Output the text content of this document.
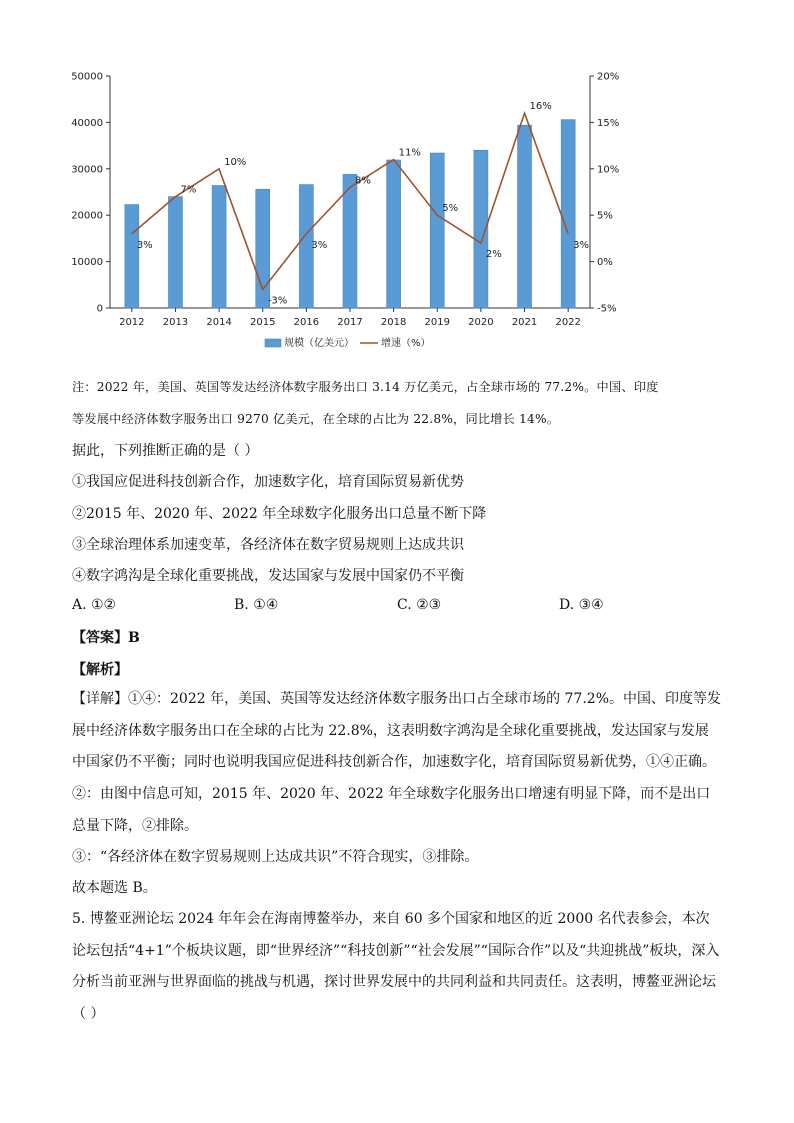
0
10000
20000
30000
40000
50000
-5%
0%
5%
10%
15%
20%
2012 2013 2014 2015 2016 2017 2018 2019 2020 2021 2022
3%
7%
10%
-3%
3%
8%
11%
5%
2%
16%
3%
规模（亿美元）	增速（%）
注：2022 年，美国、英国等发达经济体数字服务出口 3.14 万亿美元，占全球市场的 77.2%。中国、印度
等发展中经济体数字服务出口 9270 亿美元，在全球的占比为 22.8%，同比增长 14%。
据此，下列推断正确的是（ ）
①我国应促进科技创新合作，加速数字化，培育国际贸易新优势
②2015 年、2020 年、2022 年全球数字化服务出口总量不断下降
③全球治理体系加速变革，各经济体在数字贸易规则上达成共识
④数字鸿沟是全球化重要挑战，发达国家与发展中国家仍不平衡
A. ①②	B. ①④	C. ②③	D. ③④
【答案】B
【解析】
【详解】①④：2022 年，美国、英国等发达经济体数字服务出口占全球市场的 77.2%。中国、印度等发展中经济体数字服务出口在全球的占比为 22.8%，这表明数字鸿沟是全球化重要挑战，发达国家与发展中国家仍不平衡；同时也说明我国应促进科技创新合作，加速数字化，培育国际贸易新优势，①④正确。
②：由图中信息可知，2015 年、2020 年、2022 年全球数字化服务出口增速有明显下降，而不是出口总量下降，②排除。
③：“各经济体在数字贸易规则上达成共识”不符合现实，③排除。
故本题选 B。
5. 博鳌亚洲论坛 2024 年年会在海南博鳌举办，来自 60 多个国家和地区的近 2000 名代表参会，本次论坛包括“4+1”个板块议题，即“世界经济”“科技创新”“社会发展”“国际合作”以及“共迎挑战”板块，深入分析当前亚洲与世界面临的挑战与机遇，探讨世界发展中的共同利益和共同责任。这表明，博鳌亚洲论坛（ ）
